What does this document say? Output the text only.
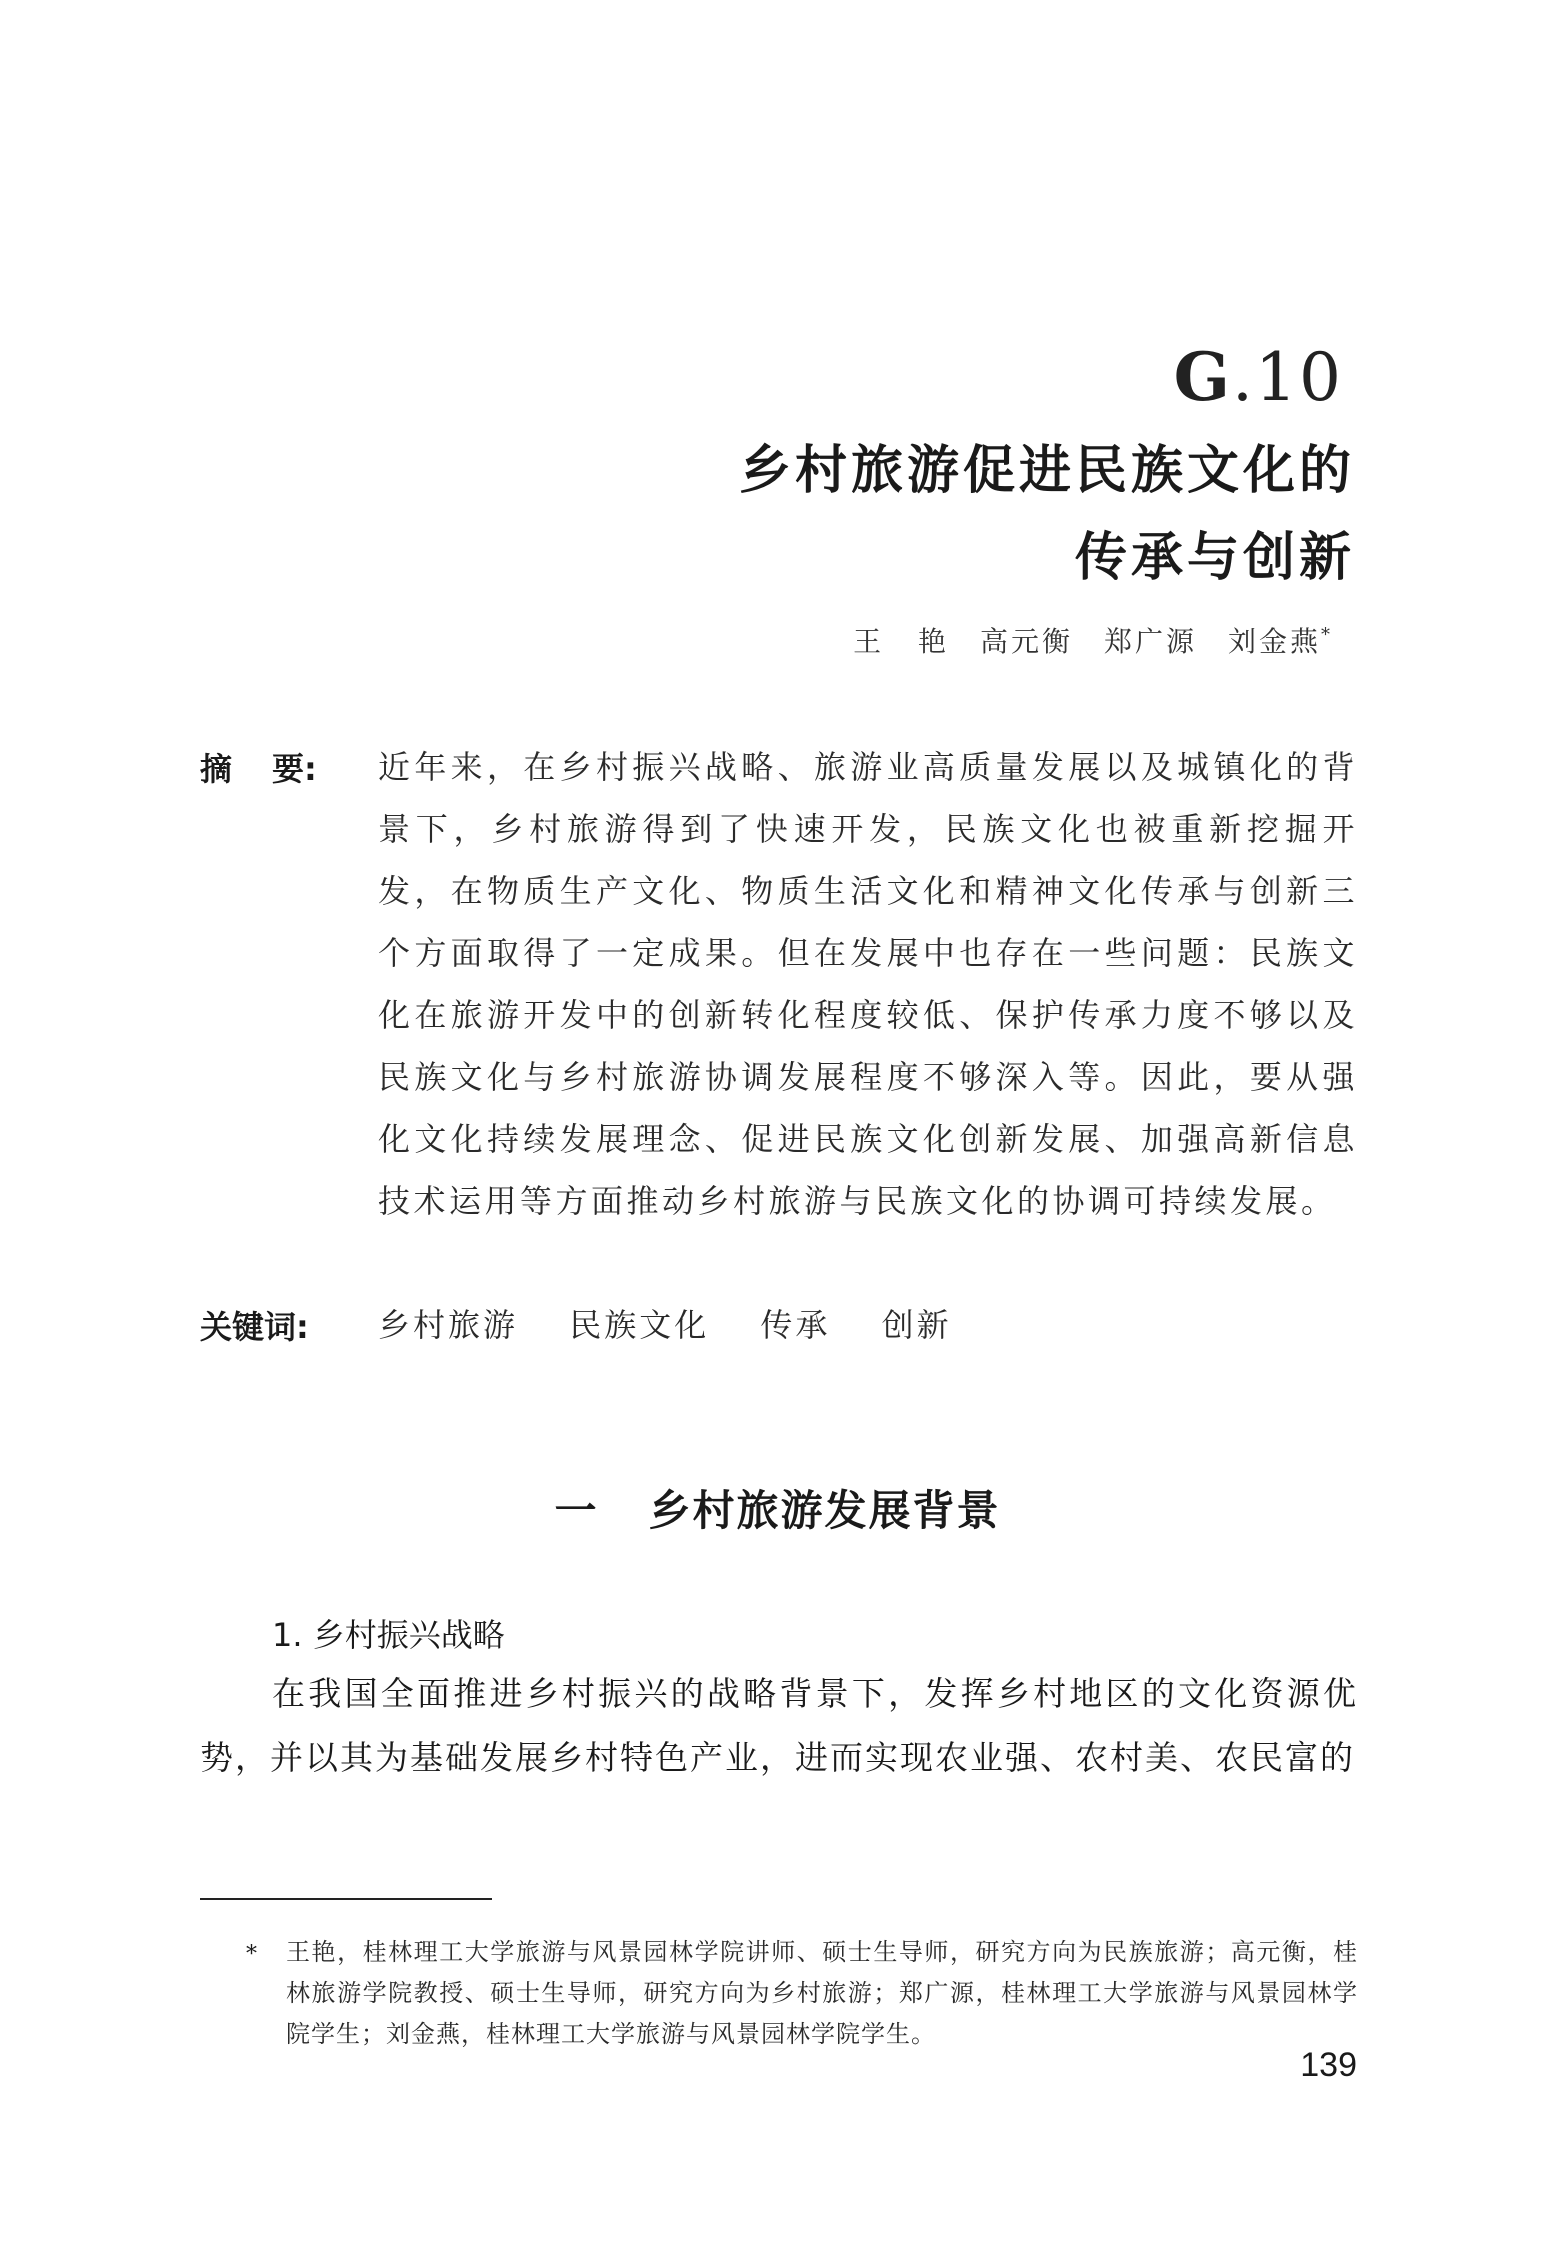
G.10
乡村旅游促进民族文化的
传承与创新
王 艳　高元衡　郑广源　刘金燕*
摘 要: 近年来，在乡村振兴战略、旅游业高质量发展以及城镇化的背景下，乡村旅游得到了快速开发，民族文化也被重新挖掘开发，在物质生产文化、物质生活文化和精神文化传承与创新三个方面取得了一定成果。但在发展中也存在一些问题：民族文化在旅游开发中的创新转化程度较低、保护传承力度不够以及民族文化与乡村旅游协调发展程度不够深入等。因此，要从强化文化持续发展理念、促进民族文化创新发展、加强高新信息技术运用等方面推动乡村旅游与民族文化的协调可持续发展。
关键词: 乡村旅游 民族文化 传承 创新
一 乡村旅游发展背景
1. 乡村振兴战略
在我国全面推进乡村振兴的战略背景下，发挥乡村地区的文化资源优势，并以其为基础发展乡村特色产业，进而实现农业强、农村美、农民富的
*	王艳，桂林理工大学旅游与风景园林学院讲师、硕士生导师，研究方向为民族旅游；高元衡，桂林旅游学院教授、硕士生导师，研究方向为乡村旅游；郑广源，桂林理工大学旅游与风景园林学院学生；刘金燕，桂林理工大学旅游与风景园林学院学生。
139
